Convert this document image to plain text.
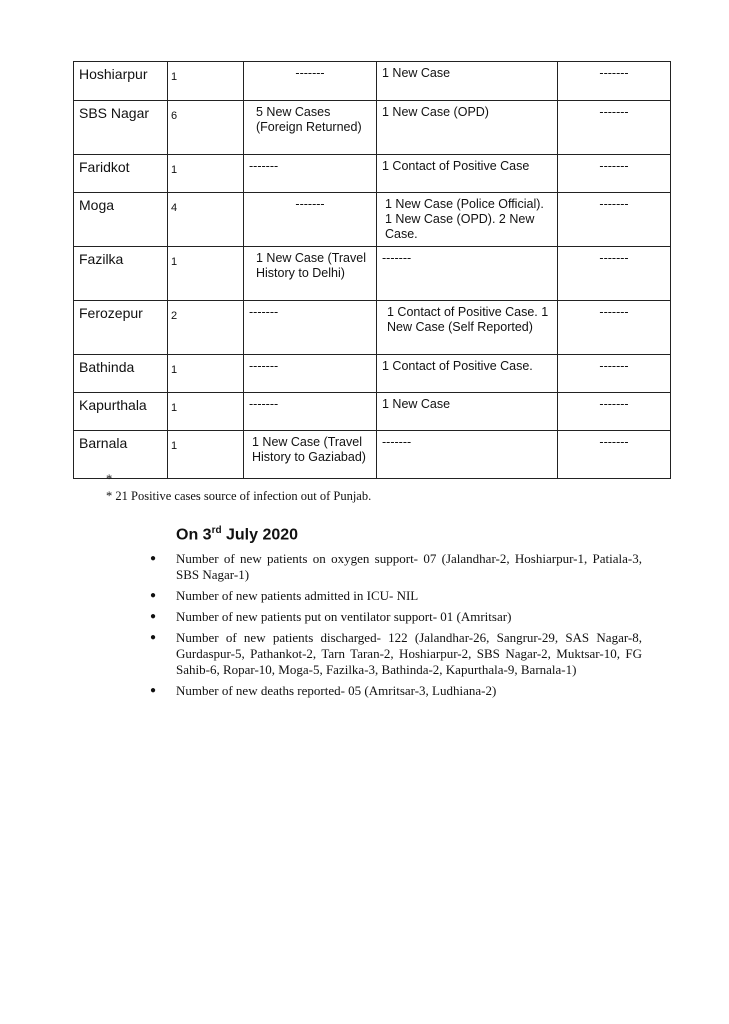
Hoshiarpur	1	-------	1 New Case	-------
SBS Nagar	6	5 New Cases (Foreign Returned)	1 New Case (OPD)	-------
Faridkot	1	-------	1 Contact of Positive Case	-------
Moga	4	-------	1 New Case (Police Official). 1 New Case (OPD). 2 New Case.	-------
Fazilka	1	1 New Case (Travel History to Delhi)	-------	-------
Ferozepur	2	-------	1 Contact of Positive Case. 1 New Case (Self Reported)	-------
Bathinda	1	-------	1 Contact of Positive Case.	-------
Kapurthala	1	-------	1 New Case	-------
Barnala	1	1 New Case (Travel History to Gaziabad)	-------	-------
*
* 21 Positive cases source of infection out of Punjab.
On 3rd July 2020
● Number of new patients on oxygen support- 07 (Jalandhar-2, Hoshiarpur-1, Patiala-3, SBS Nagar-1)
● Number of new patients admitted in ICU- NIL
● Number of new patients put on ventilator support- 01 (Amritsar)
● Number of new patients discharged- 122 (Jalandhar-26, Sangrur-29, SAS Nagar-8, Gurdaspur-5, Pathankot-2, Tarn Taran-2, Hoshiarpur-2, SBS Nagar-2, Muktsar-10, FG Sahib-6, Ropar-10, Moga-5, Fazilka-3, Bathinda-2, Kapurthala-9, Barnala-1)
● Number of new deaths reported- 05 (Amritsar-3, Ludhiana-2)
